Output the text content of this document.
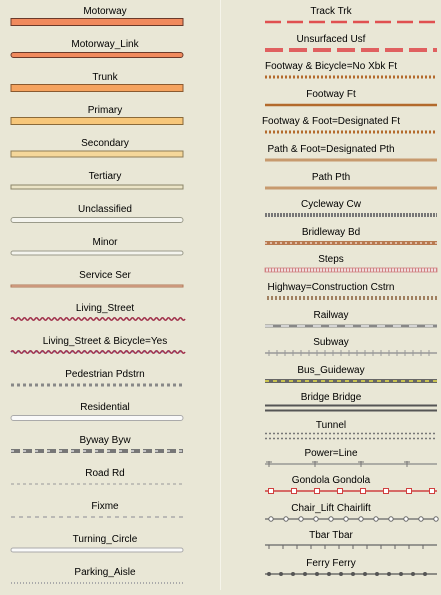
Motorway
Motorway_Link
Trunk
Primary
Secondary
Tertiary
Unclassified
Minor
Service Ser
Living_Street
Living_Street & Bicycle=Yes
Pedestrian Pdstrn
Residential
Byway Byw
Road Rd
Fixme
Turning_Circle
Parking_Aisle
Track Trk
Unsurfaced Usf
Footway & Bicycle=No Xbk Ft
Footway Ft
Footway & Foot=Designated Ft
Path & Foot=Designated Pth
Path Pth
Cycleway Cw
Bridleway Bd
Steps
Highway=Construction Cstrn
Railway
Subway
Bus_Guideway
Bridge Bridge
Tunnel
Power=Line
Gondola Gondola
Chair_Lift Chairlift
Tbar Tbar
Ferry Ferry
